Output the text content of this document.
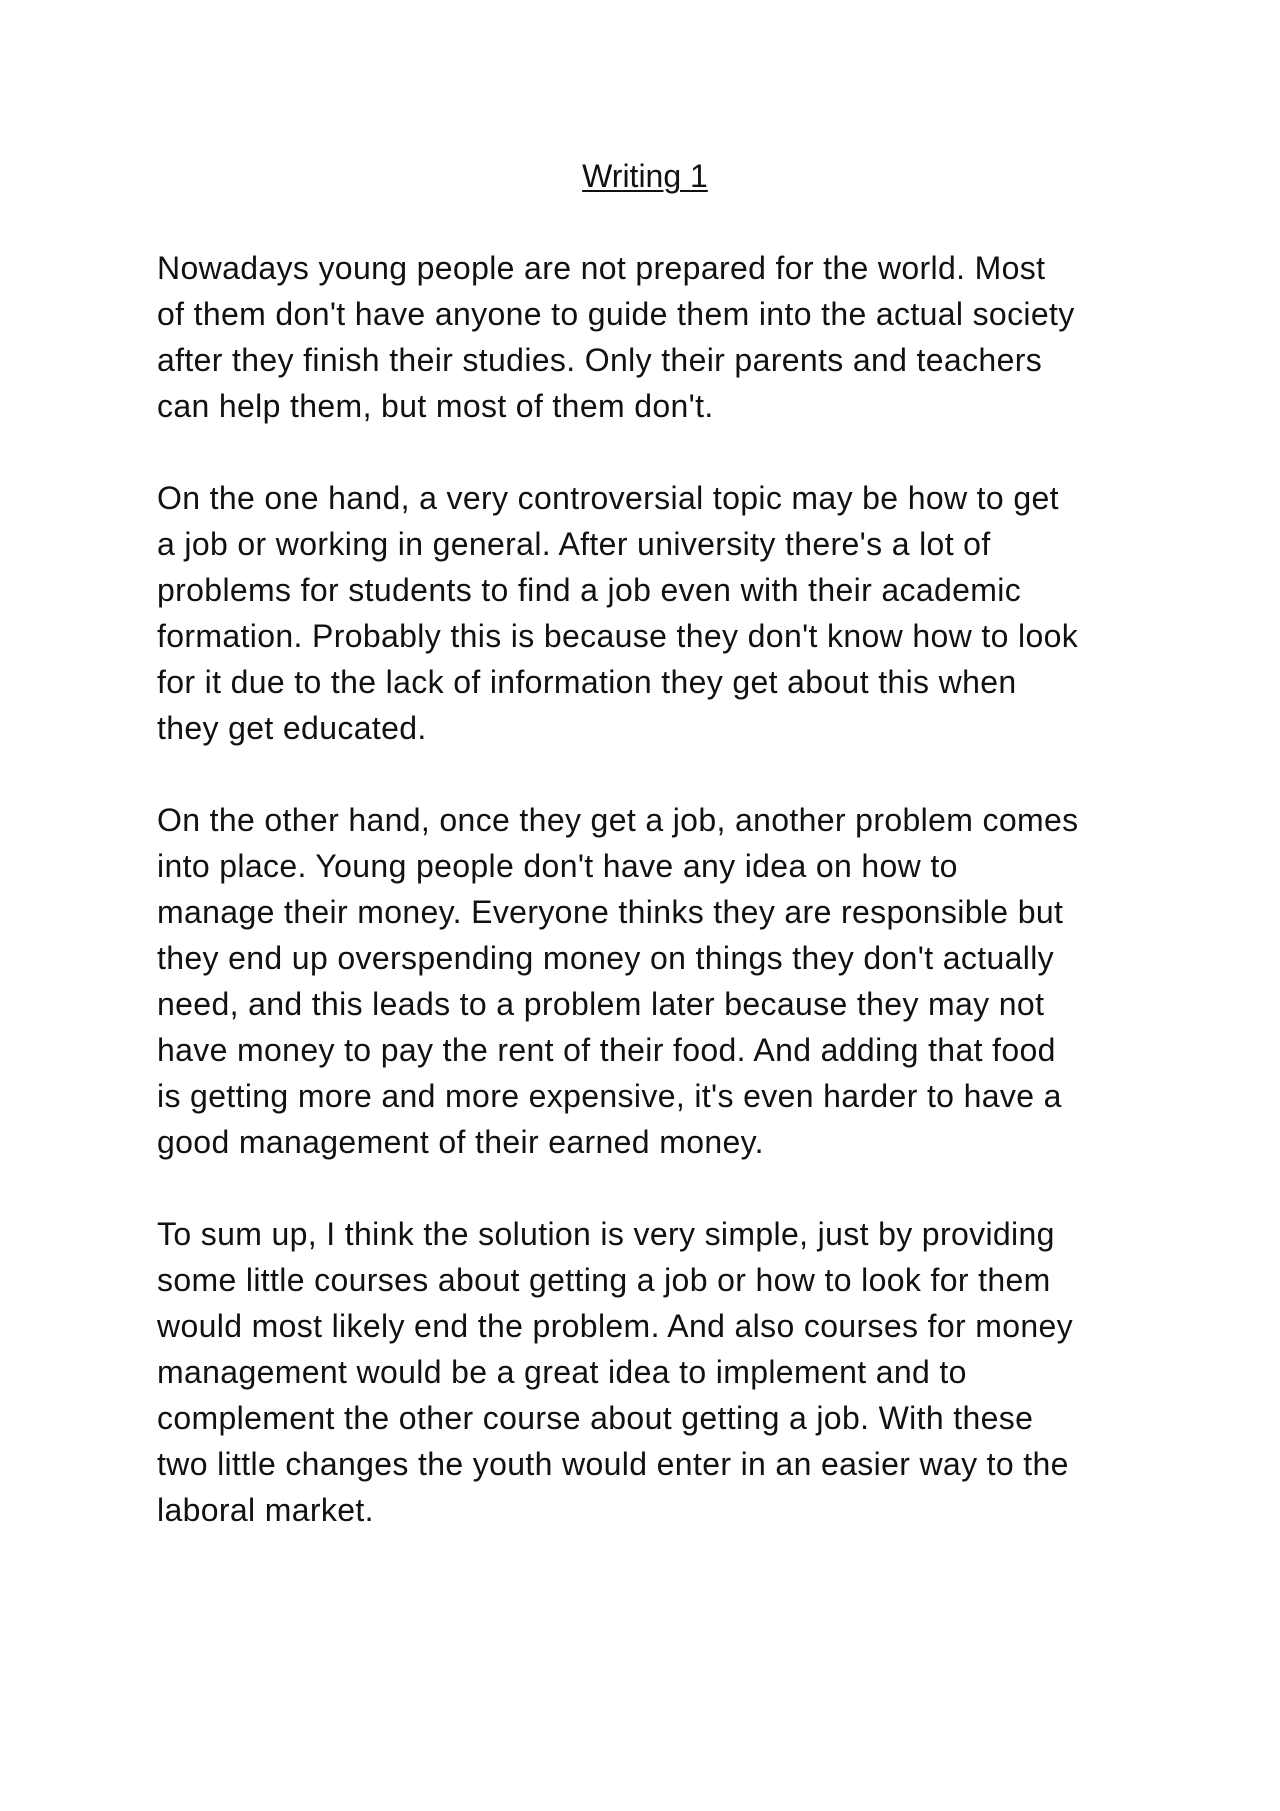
Writing 1
Nowadays young people are not prepared for the world. Most
of them don't have anyone to guide them into the actual society
after they finish their studies. Only their parents and teachers
can help them, but most of them don't.
On the one hand, a very controversial topic may be how to get
a job or working in general. After university there's a lot of
problems for students to find a job even with their academic
formation. Probably this is because they don't know how to look
for it due to the lack of information they get about this when
they get educated.
On the other hand, once they get a job, another problem comes
into place. Young people don't have any idea on how to
manage their money. Everyone thinks they are responsible but
they end up overspending money on things they don't actually
need, and this leads to a problem later because they may not
have money to pay the rent of their food. And adding that food
is getting more and more expensive, it's even harder to have a
good management of their earned money.
To sum up, I think the solution is very simple, just by providing
some little courses about getting a job or how to look for them
would most likely end the problem. And also courses for money
management would be a great idea to implement and to
complement the other course about getting a job. With these
two little changes the youth would enter in an easier way to the
laboral market.
